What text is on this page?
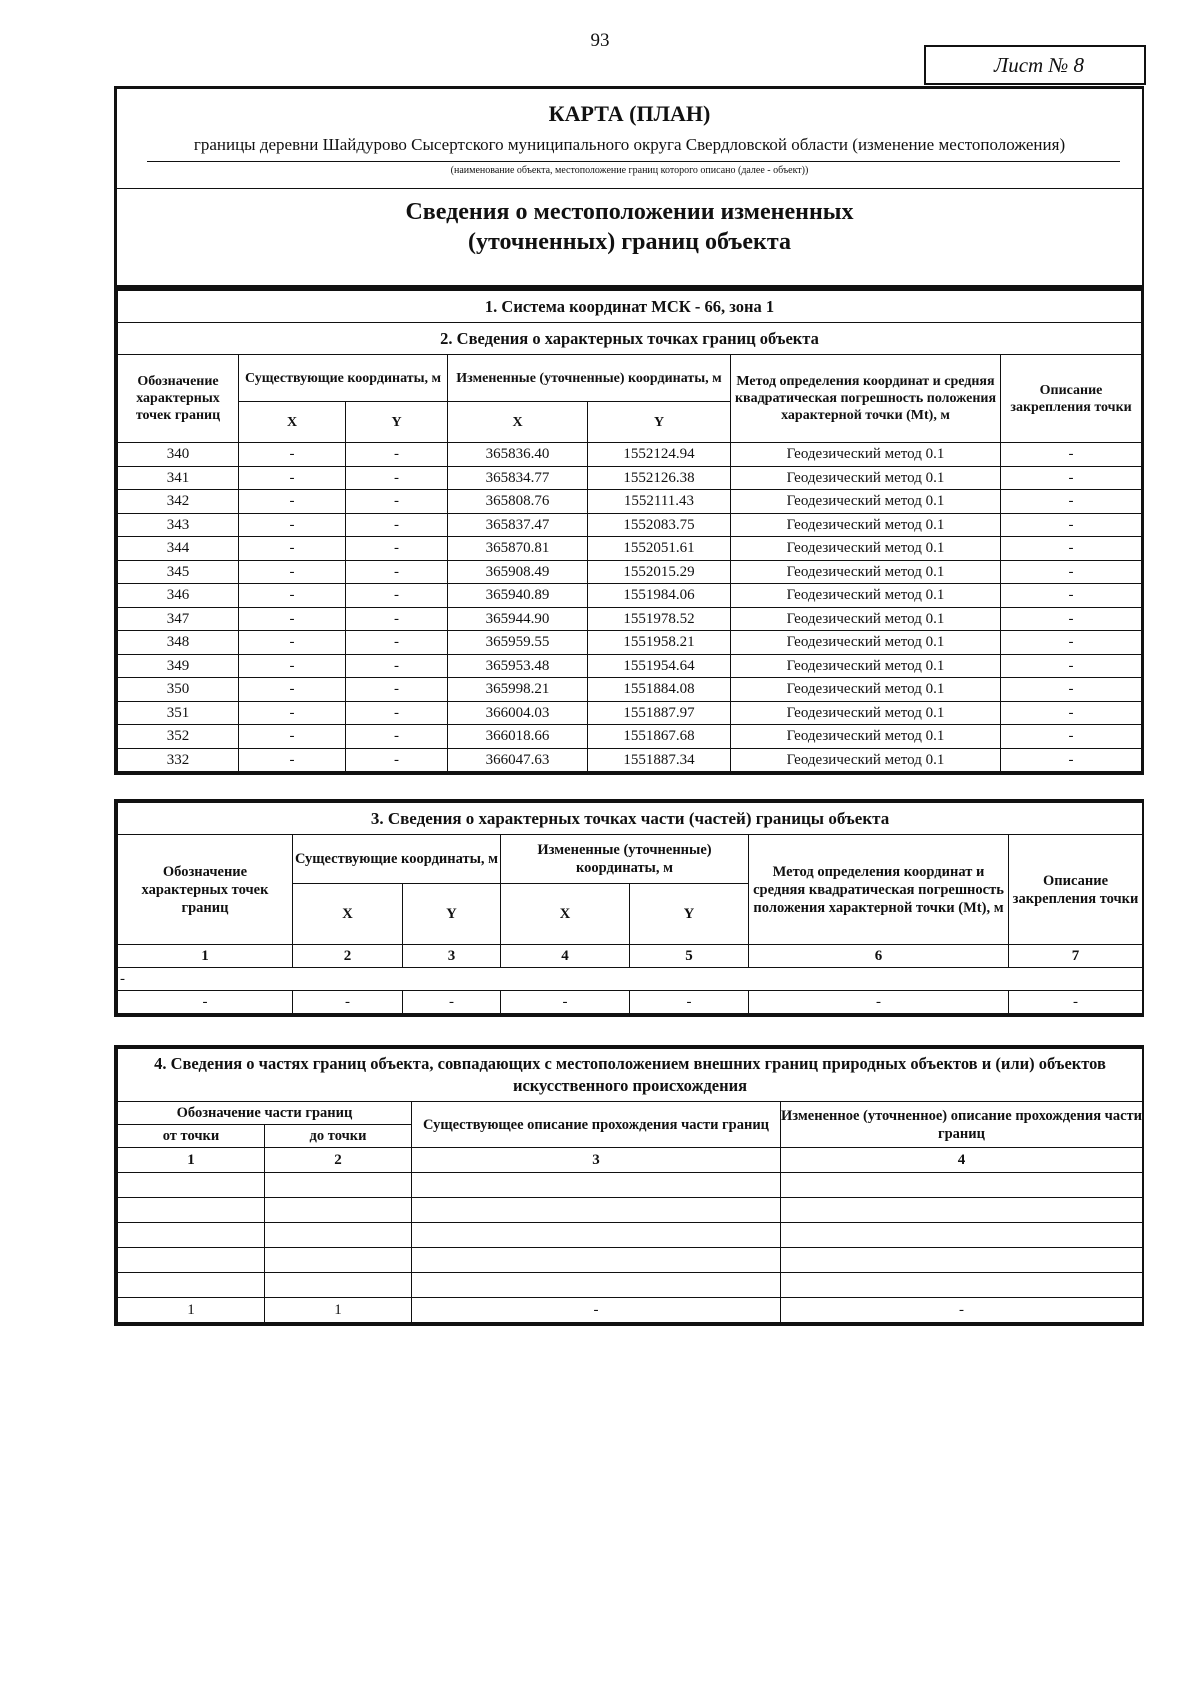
93
Лист № 8
КАРТА (ПЛАН)
границы деревни Шайдурово Сысертского муниципального округа Свердловской области (изменение местоположения)
(наименование объекта, местоположение границ которого описано (далее - объект))
Сведения о местоположении измененных (уточненных) границ объекта
1. Система координат МСК - 66, зона 1						
2. Сведения о характерных точках границ объекта						
Обозначение характерных точек границ	Существующие координаты, м		Измененные (уточненные) координаты, м		Метод определения координат и средняя квадратическая погрешность положения характерной точки (Mt), м	Описание закрепления точки
	X	Y	X	Y		
340	-	-	365836.40	1552124.94	Геодезический метод 0.1	-
341	-	-	365834.77	1552126.38	Геодезический метод 0.1	-
342	-	-	365808.76	1552111.43	Геодезический метод 0.1	-
343	-	-	365837.47	1552083.75	Геодезический метод 0.1	-
344	-	-	365870.81	1552051.61	Геодезический метод 0.1	-
345	-	-	365908.49	1552015.29	Геодезический метод 0.1	-
346	-	-	365940.89	1551984.06	Геодезический метод 0.1	-
347	-	-	365944.90	1551978.52	Геодезический метод 0.1	-
348	-	-	365959.55	1551958.21	Геодезический метод 0.1	-
349	-	-	365953.48	1551954.64	Геодезический метод 0.1	-
350	-	-	365998.21	1551884.08	Геодезический метод 0.1	-
351	-	-	366004.03	1551887.97	Геодезический метод 0.1	-
352	-	-	366018.66	1551867.68	Геодезический метод 0.1	-
332	-	-	366047.63	1551887.34	Геодезический метод 0.1	-
3. Сведения о характерных точках части (частей) границы объекта						
Обозначение характерных точек границ	Существующие координаты, м		Измененные (уточненные) координаты, м		Метод определения координат и средняя квадратическая погрешность положения характерной точки (Mt), м	Описание закрепления точки
	X	Y	X	Y		
1	2	3	4	5	6	7
-						
-	-	-	-	-	-	-
4. Сведения о частях границ объекта, совпадающих с местоположением внешних границ природных объектов и (или) объектов искусственного происхождения			
Обозначение части границ		Существующее описание прохождения части границ	Измененное (уточненное) описание прохождения части границ
от точки	до точки		
1	2	3	4

1	1	-	-
